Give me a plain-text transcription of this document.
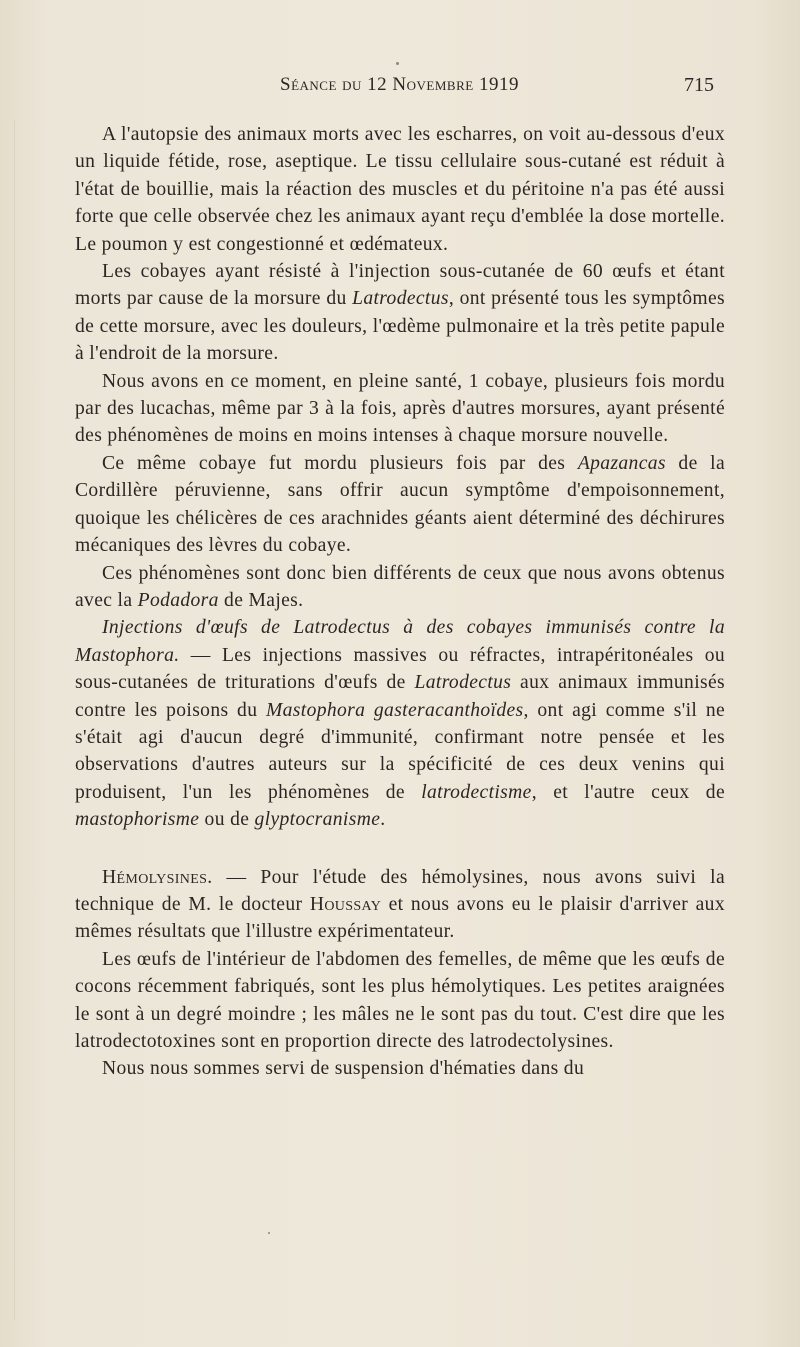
Séance du 12 Novembre 1919	715

A l'autopsie des animaux morts avec les escharres, on voit au-dessous d'eux un liquide fétide, rose, aseptique. Le tissu cellulaire sous-cutané est réduit à l'état de bouillie, mais la réaction des muscles et du péritoine n'a pas été aussi forte que celle observée chez les animaux ayant reçu d'emblée la dose mortelle. Le poumon y est congestionné et œdémateux.

Les cobayes ayant résisté à l'injection sous-cutanée de 60 œufs et étant morts par cause de la morsure du Latrodectus, ont présenté tous les symptômes de cette morsure, avec les douleurs, l'œdème pulmonaire et la très petite papule à l'endroit de la morsure.

Nous avons en ce moment, en pleine santé, 1 cobaye, plusieurs fois mordu par des lucachas, même par 3 à la fois, après d'autres morsures, ayant présenté des phénomènes de moins en moins intenses à chaque morsure nouvelle.

Ce même cobaye fut mordu plusieurs fois par des Apazancas de la Cordillère péruvienne, sans offrir aucun symptôme d'empoisonnement, quoique les chélicères de ces arachnides géants aient déterminé des déchirures mécaniques des lèvres du cobaye.

Ces phénomènes sont donc bien différents de ceux que nous avons obtenus avec la Podadora de Majes.

Injections d'œufs de Latrodectus à des cobayes immunisés contre la Mastophora. — Les injections massives ou réfractes, intrapéritonéales ou sous-cutanées de triturations d'œufs de Latrodectus aux animaux immunisés contre les poisons du Mastophora gasteracanthoïdes, ont agi comme s'il ne s'était agi d'aucun degré d'immunité, confirmant notre pensée et les observations d'autres auteurs sur la spécificité de ces deux venins qui produisent, l'un les phénomènes de latrodectisme, et l'autre ceux de mastophorisme ou de glyptocranisme.

Hémolysines. — Pour l'étude des hémolysines, nous avons suivi la technique de M. le docteur Houssay et nous avons eu le plaisir d'arriver aux mêmes résultats que l'illustre expérimentateur.

Les œufs de l'intérieur de l'abdomen des femelles, de même que les œufs de cocons récemment fabriqués, sont les plus hémolytiques. Les petites araignées le sont à un degré moindre ; les mâles ne le sont pas du tout. C'est dire que les latrodectotoxines sont en proportion directe des latrodectolysines.

Nous nous sommes servi de suspension d'hématies dans du
